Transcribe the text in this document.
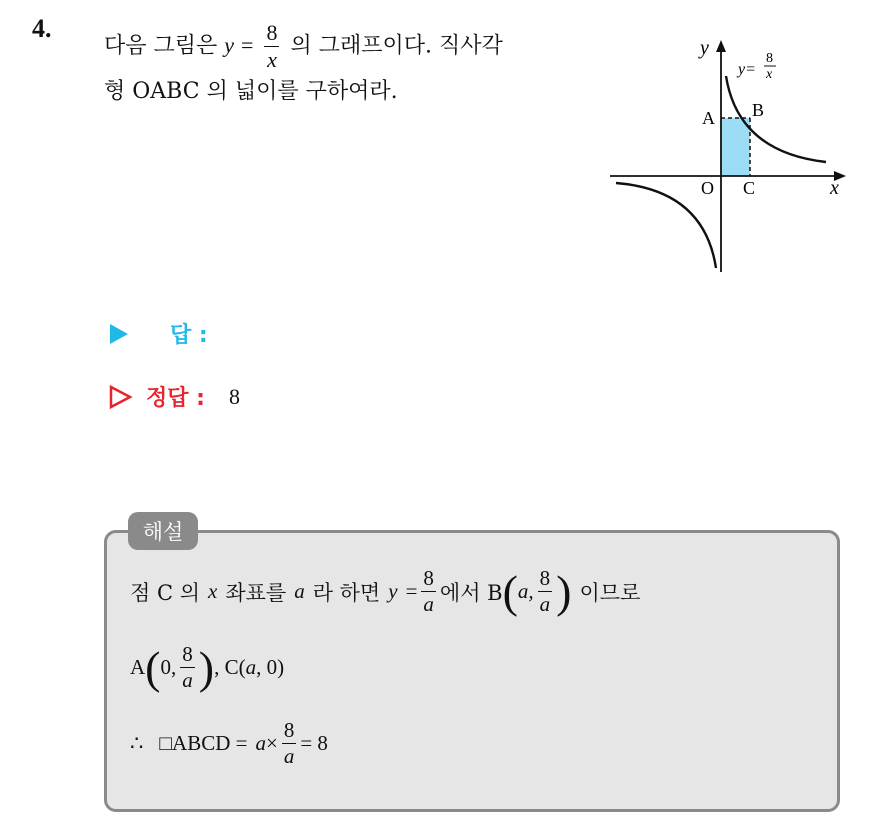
4.
다음 그림은 $y = \frac{8}{x}$ 의 그래프이다. 직사각
형 OABC 의 넓이를 구하여라.
y
x
A B
O C
y=
8
x
답 :
정답 : 8
해설
점 C 의 x 좌표를 a 라 하면 $y = \frac{8}{a}$ 에서 B ( a, $\frac{8}{a}$ ) 이므로
A ( 0, $\frac{8}{a}$ ) , C( a , 0)
∴ □ABCD = $a \times \frac{8}{a} = 8$
